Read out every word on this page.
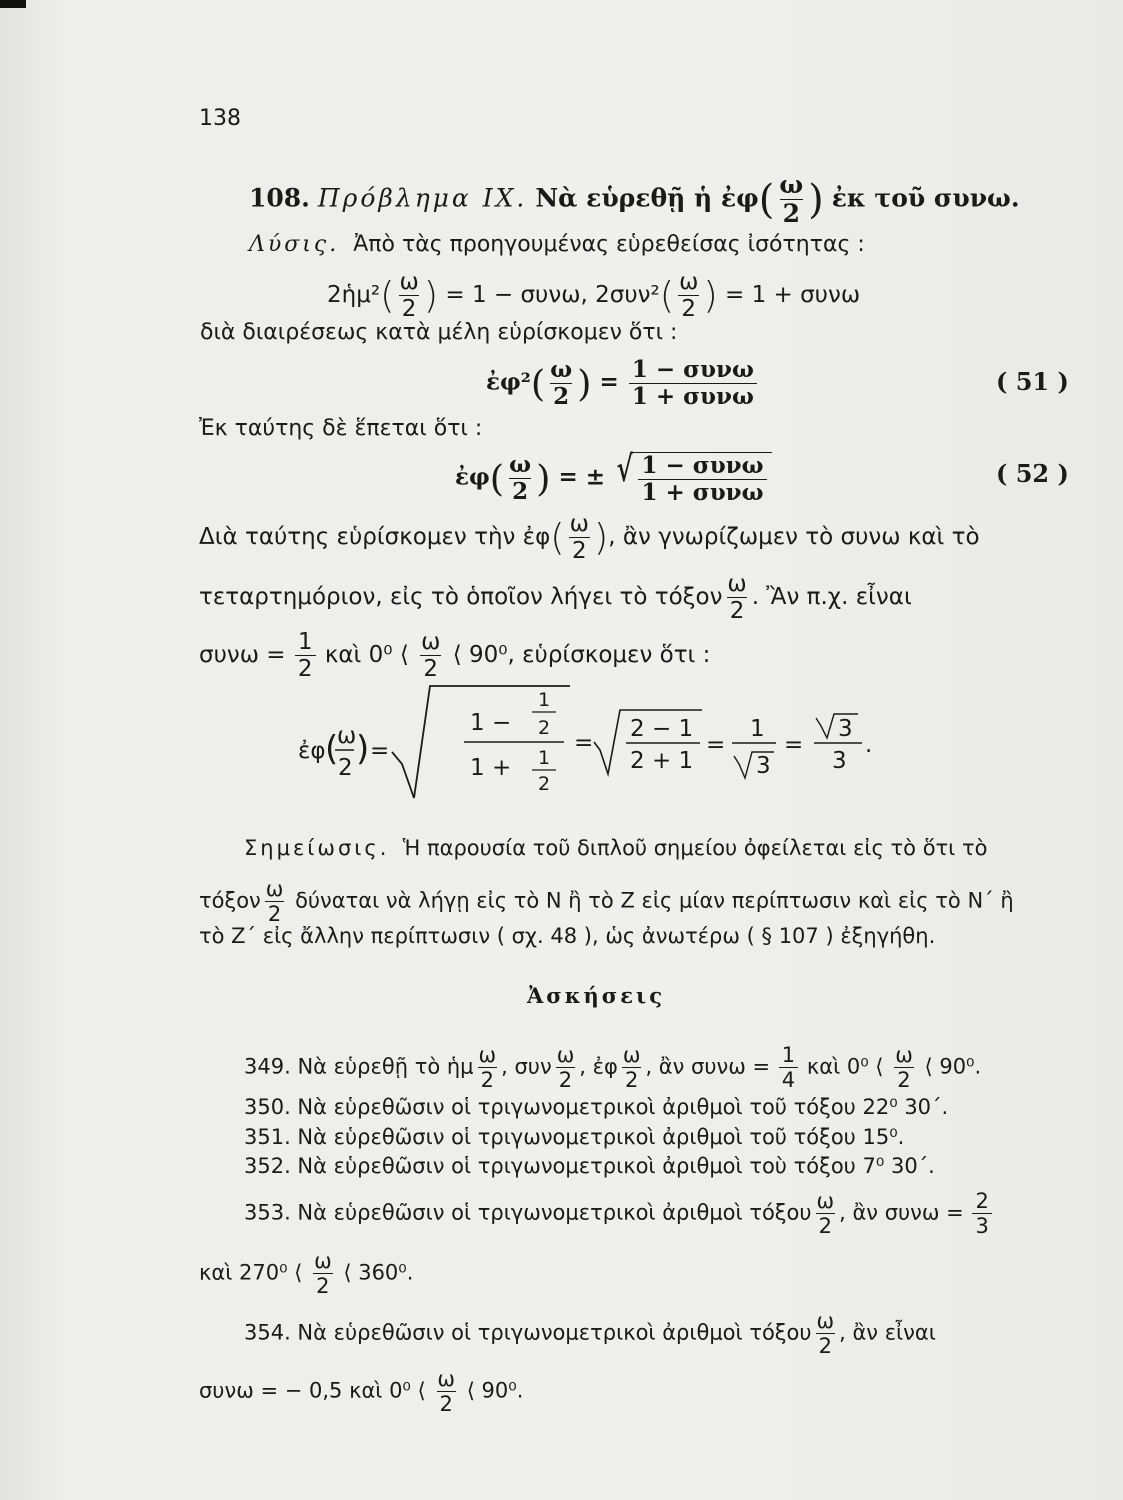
138
108. Πρόβλημα ΙΧ. Νὰ εὑρεθῇ ἡ ἐφ( $\frac{\omega}{2}$ ) ἐκ τοῦ συνω.
Λύσις. Ἀπὸ τὰς προηγουμένας εὑρεθείσας ἰσότητας :
2ἡμ²( $\frac{\omega}{2}$ ) = 1 − συνω, $2\sigma\upsilon\nu^2( \frac{\omega}{2}$ ) = 1 + συνω
διὰ διαιρέσεως κατὰ μέλη εὑρίσκομεν ὅτι :
ἐφ²( $\frac{\omega}{2}$ ) = $\frac{\text{1 − συνω}}{\text{1 + συνω}}$	( 51 )
Ἐκ ταύτης δὲ ἕπεται ὅτι :
ἐφ( $\frac{\omega}{2}$ ) = ± √ $\frac{\text{1 − συνω}}{\text{1 + συνω}}$	( 52 )
Διὰ ταύτης εὑρίσκομεν τὴν ἐφ( $\frac{\omega}{2}$ ), ἂν γνωρίζωμεν τὸ συνω καὶ τὸ
τεταρτημόριον, εἰς τὸ ὁποῖον λήγει τὸ τόξον $\frac{\omega}{2}$ . Ἂν π.χ. εἶναι
$\sigma\upsilon\nu\omega = \frac{1}{2}$ καὶ 0⁰ ⟨ $\frac{\omega}{2}$ ⟨ 90⁰, εὑρίσκομεν ὅτι :
ἐφ (
ω
2 ) =
1 −
1
2
1 + 1
2
=
2 − 1
2 + 1
=
1
3
=
3
3
.
Σημείωσις. Ἡ παρουσία τοῦ διπλοῦ σημείου ὀφείλεται εἰς τὸ ὅτι τὸ
τόξον $\frac{\omega}{2}$ δύναται νὰ λήγῃ εἰς τὸ Ν ἢ τὸ Ζ εἰς μίαν περίπτωσιν καὶ εἰς τὸ Ν΄ ἢ
τὸ Ζ΄ εἰς ἄλλην περίπτωσιν ( σχ. 48 ), ὡς ἀνωτέρω ( § 107 ) ἐξηγήθη.
Ἀσκήσεις
349. Νὰ εὑρεθῇ τὸ ἡμ $\frac{\omega}{2}$ , συν $\frac{\omega}{2}$ , ἐφ $\frac{\omega}{2}$ , ἂν $\sigma\upsilon\nu\omega = \frac{1}{4}$ καὶ 0⁰ ⟨ $\frac{\omega}{2}$ ⟨ 90⁰.
350. Νὰ εὑρεθῶσιν οἱ τριγωνομετρικοὶ ἀριθμοὶ τοῦ τόξου 22⁰ 30΄.
351. Νὰ εὑρεθῶσιν οἱ τριγωνομετρικοὶ ἀριθμοὶ τοῦ τόξου 15⁰.
352. Νὰ εὑρεθῶσιν οἱ τριγωνομετρικοὶ ἀριθμοὶ τοὺ τόξου 7⁰ 30΄.
353. Νὰ εὑρεθῶσιν οἱ τριγωνομετρικοὶ ἀριθμοὶ τόξου $\frac{\omega}{2}$ , ἂν $\sigma\upsilon\nu\omega = \frac{2}{3}$
καὶ 270⁰ ⟨ $\frac{\omega}{2}$ ⟨ 360⁰.
354. Νὰ εὑρεθῶσιν οἱ τριγωνομετρικοὶ ἀριθμοὶ τόξου $\frac{\omega}{2}$ , ἂν εἶναι
συνω = − 0,5 καὶ 0⁰ ⟨ $\frac{\omega}{2}$ ⟨ 90⁰.
